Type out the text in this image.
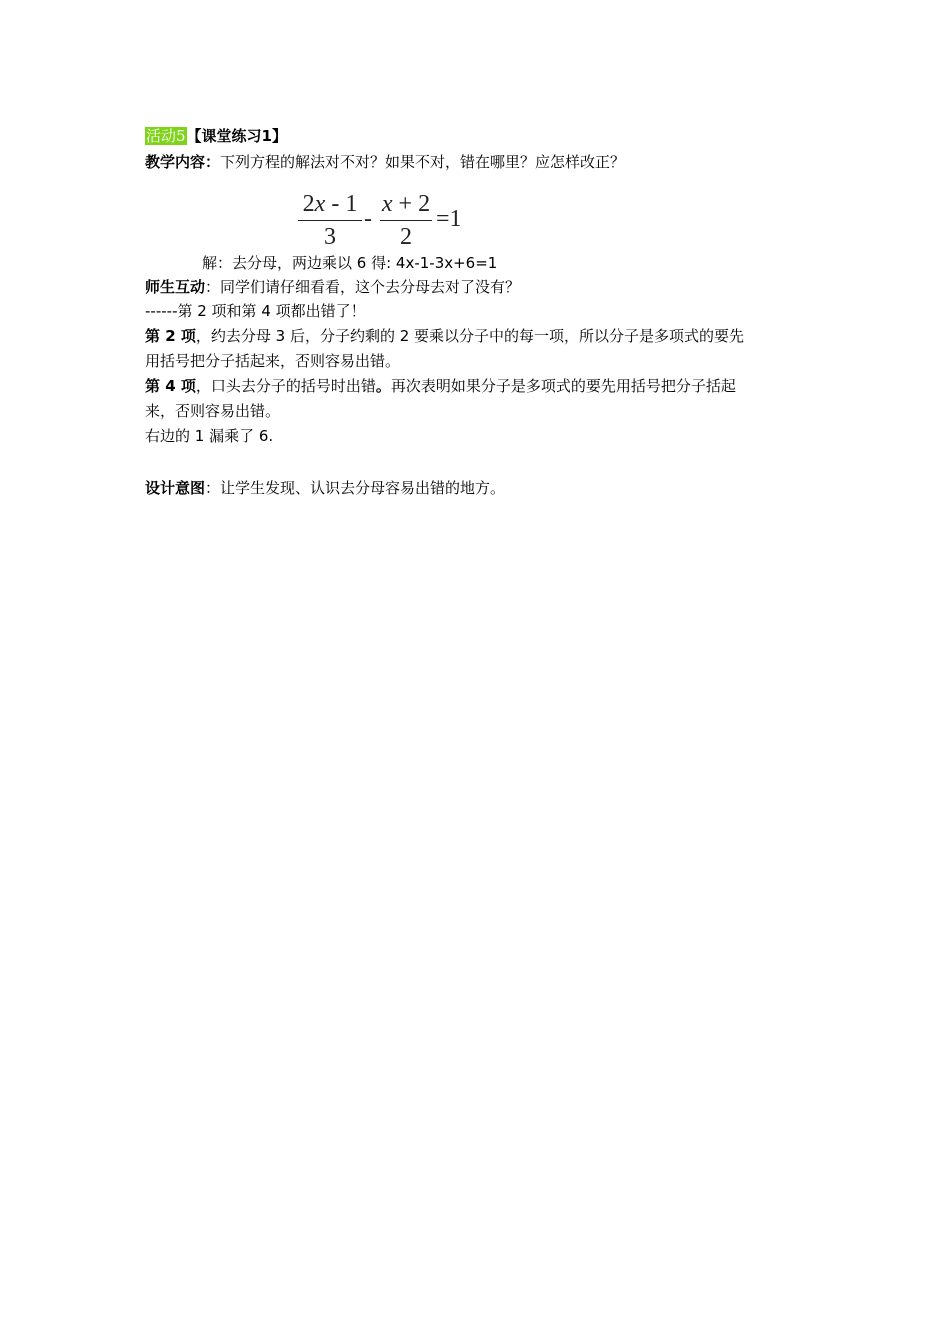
活动5【课堂练习1】
教学内容：下列方程的解法对不对？如果不对，错在哪里？应怎样改正？
2x - 1
3
-
x + 2
2
=1
解：去分母，两边乘以 6 得: 4x-1-3x+6=1
师生互动：同学们请仔细看看，这个去分母去对了没有？
------第 2 项和第 4 项都出错了！
第 2 项，约去分母 3 后，分子约剩的 2 要乘以分子中的每一项，所以分子是多项式的要先
用括号把分子括起来，否则容易出错。
第 4 项，口头去分子的括号时出错。再次表明如果分子是多项式的要先用括号把分子括起
来，否则容易出错。
右边的 1 漏乘了 6.
设计意图：让学生发现、认识去分母容易出错的地方。
